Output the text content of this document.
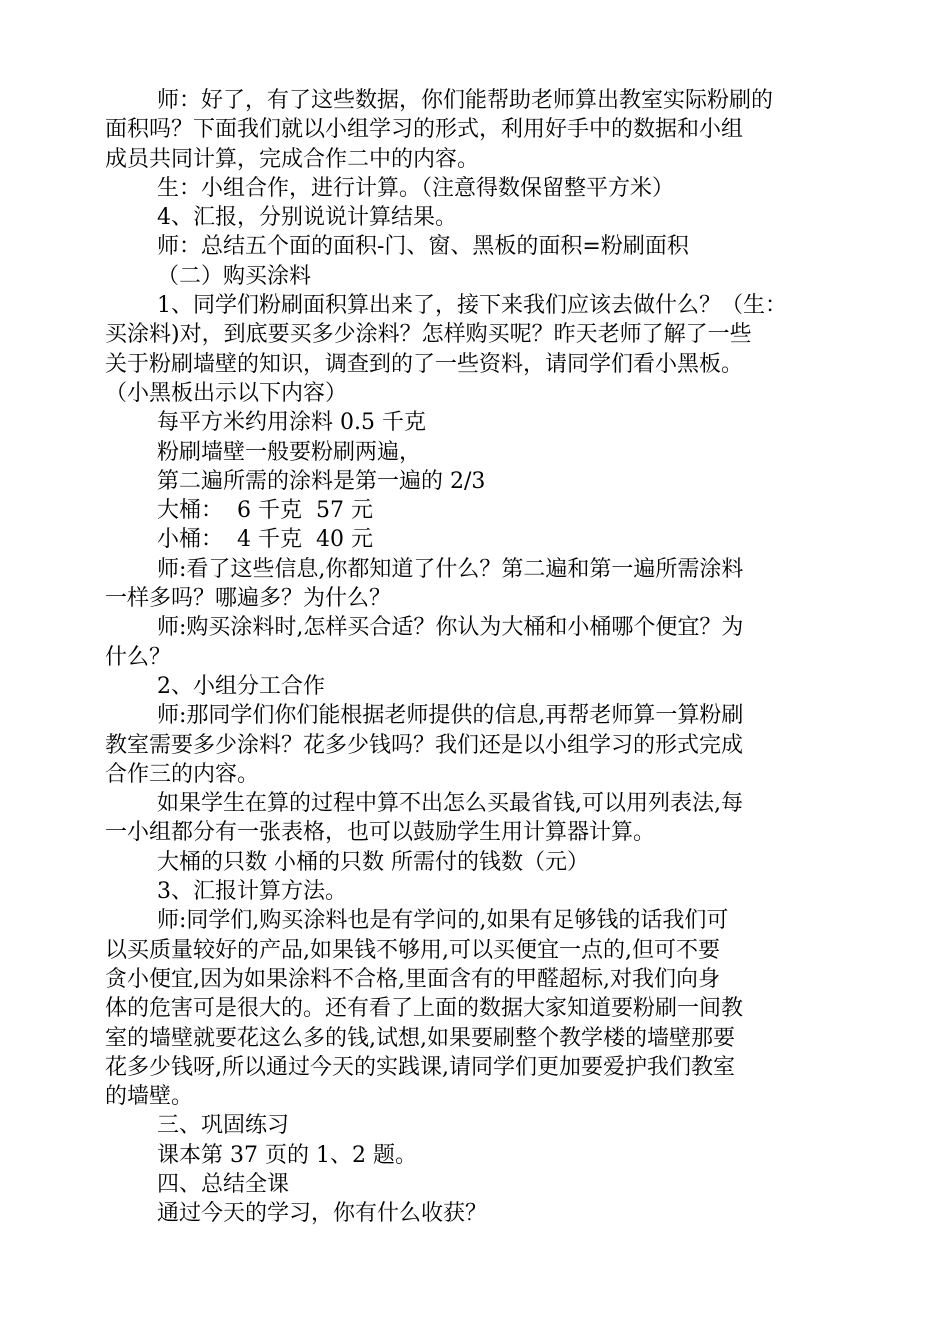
师：好了，有了这些数据，你们能帮助老师算出教室实际粉刷的
面积吗？下面我们就以小组学习的形式，利用好手中的数据和小组
成员共同计算，完成合作二中的内容。
生：小组合作，进行计算。（注意得数保留整平方米）
4、汇报，分别说说计算结果。
师：总结五个面的面积-门、窗、黑板的面积=粉刷面积
（二）购买涂料
1、同学们粉刷面积算出来了，接下来我们应该去做什么？（生：
买涂料)对，到底要买多少涂料？怎样购买呢？昨天老师了解了一些
关于粉刷墙壁的知识，调查到的了一些资料，请同学们看小黑板。
（小黑板出示以下内容）
每平方米约用涂料 0.5 千克
粉刷墙壁一般要粉刷两遍，
第二遍所需的涂料是第一遍的 2/3
大桶：  6 千克  57 元
小桶：  4 千克  40 元
师:看了这些信息,你都知道了什么？第二遍和第一遍所需涂料
一样多吗？哪遍多？为什么？
师:购买涂料时,怎样买合适？你认为大桶和小桶哪个便宜？为
什么？
2、小组分工合作
师:那同学们你们能根据老师提供的信息,再帮老师算一算粉刷
教室需要多少涂料？花多少钱吗？我们还是以小组学习的形式完成
合作三的内容。
如果学生在算的过程中算不出怎么买最省钱,可以用列表法,每
一小组都分有一张表格，也可以鼓励学生用计算器计算。
大桶的只数 小桶的只数 所需付的钱数（元）
3、汇报计算方法。
师:同学们,购买涂料也是有学问的,如果有足够钱的话我们可
以买质量较好的产品,如果钱不够用,可以买便宜一点的,但可不要
贪小便宜,因为如果涂料不合格,里面含有的甲醛超标,对我们向身
体的危害可是很大的。还有看了上面的数据大家知道要粉刷一间教
室的墙壁就要花这么多的钱,试想,如果要刷整个教学楼的墙壁那要
花多少钱呀,所以通过今天的实践课,请同学们更加要爱护我们教室
的墙壁。
三、巩固练习
课本第 37 页的 1、2 题。
四、总结全课
通过今天的学习，你有什么收获？
